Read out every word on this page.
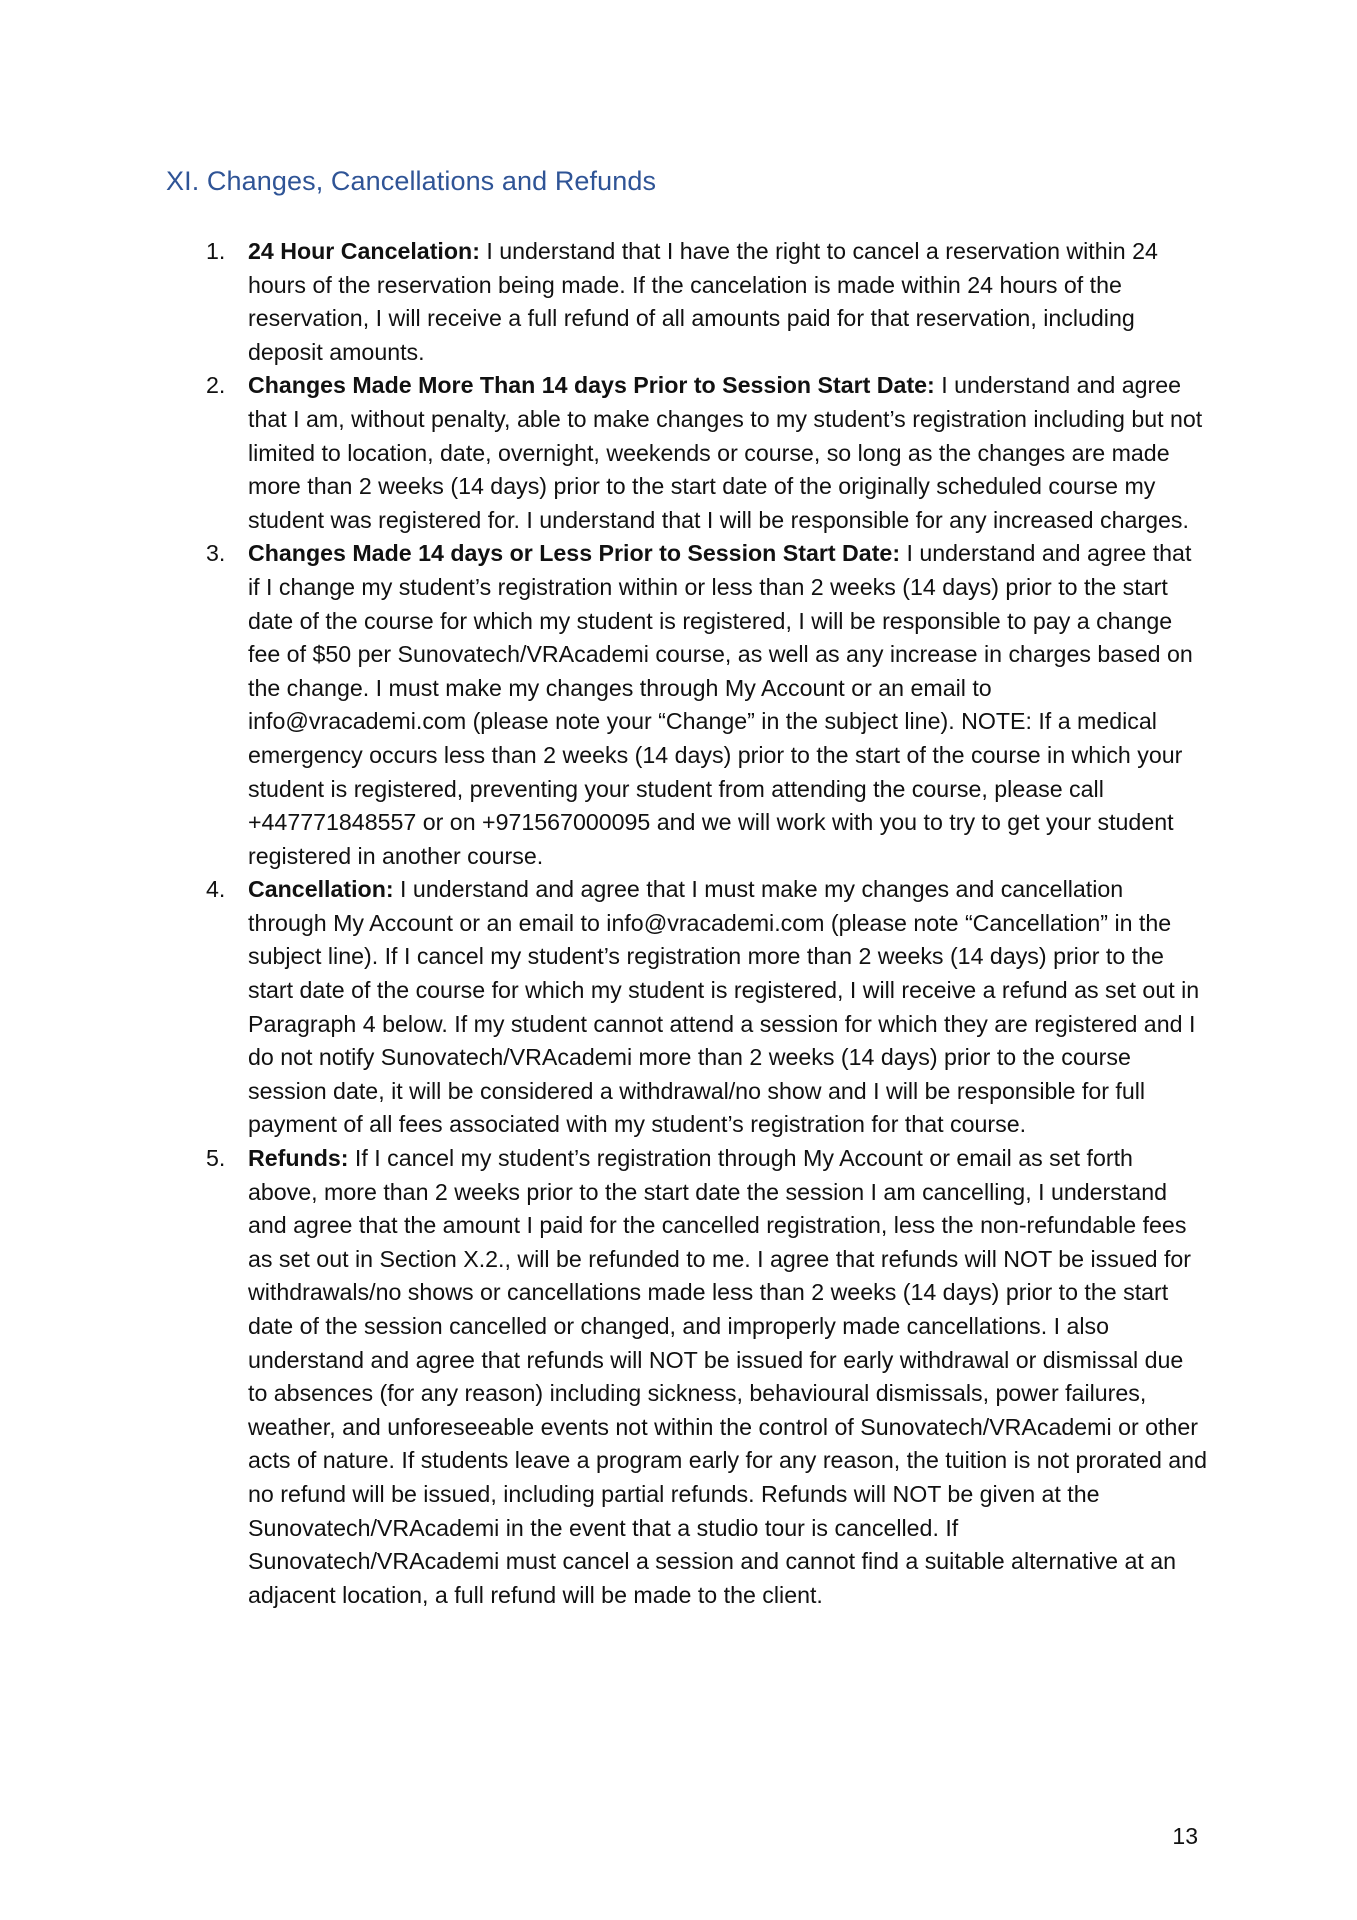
XI. Changes, Cancellations and Refunds
1. 24 Hour Cancelation: I understand that I have the right to cancel a reservation within 24 hours of the reservation being made. If the cancelation is made within 24 hours of the reservation, I will receive a full refund of all amounts paid for that reservation, including deposit amounts.
2. Changes Made More Than 14 days Prior to Session Start Date: I understand and agree that I am, without penalty, able to make changes to my student’s registration including but not limited to location, date, overnight, weekends or course, so long as the changes are made more than 2 weeks (14 days) prior to the start date of the originally scheduled course my student was registered for. I understand that I will be responsible for any increased charges.
3. Changes Made 14 days or Less Prior to Session Start Date: I understand and agree that if I change my student’s registration within or less than 2 weeks (14 days) prior to the start date of the course for which my student is registered, I will be responsible to pay a change fee of $50 per Sunovatech/VRAcademi course, as well as any increase in charges based on the change. I must make my changes through My Account or an email to info@vracademi.com (please note your “Change” in the subject line). NOTE: If a medical emergency occurs less than 2 weeks (14 days) prior to the start of the course in which your student is registered, preventing your student from attending the course, please call +447771848557 or on +971567000095 and we will work with you to try to get your student registered in another course.
4. Cancellation: I understand and agree that I must make my changes and cancellation through My Account or an email to info@vracademi.com (please note “Cancellation” in the subject line). If I cancel my student’s registration more than 2 weeks (14 days) prior to the start date of the course for which my student is registered, I will receive a refund as set out in Paragraph 4 below. If my student cannot attend a session for which they are registered and I do not notify Sunovatech/VRAcademi more than 2 weeks (14 days) prior to the course session date, it will be considered a withdrawal/no show and I will be responsible for full payment of all fees associated with my student’s registration for that course.
5. Refunds: If I cancel my student’s registration through My Account or email as set forth above, more than 2 weeks prior to the start date the session I am cancelling, I understand and agree that the amount I paid for the cancelled registration, less the non-refundable fees as set out in Section X.2., will be refunded to me. I agree that refunds will NOT be issued for withdrawals/no shows or cancellations made less than 2 weeks (14 days) prior to the start date of the session cancelled or changed, and improperly made cancellations. I also understand and agree that refunds will NOT be issued for early withdrawal or dismissal due to absences (for any reason) including sickness, behavioural dismissals, power failures, weather, and unforeseeable events not within the control of Sunovatech/VRAcademi or other acts of nature. If students leave a program early for any reason, the tuition is not prorated and no refund will be issued, including partial refunds. Refunds will NOT be given at the Sunovatech/VRAcademi in the event that a studio tour is cancelled. If Sunovatech/VRAcademi must cancel a session and cannot find a suitable alternative at an adjacent location, a full refund will be made to the client.
13
